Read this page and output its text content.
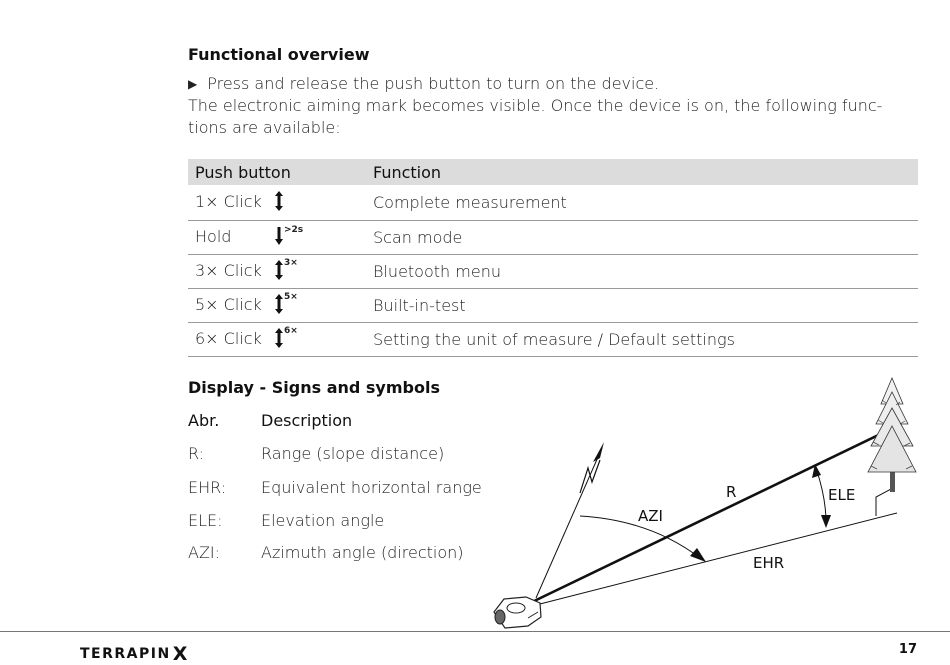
Functional overview
▶ Press and release the push button to turn on the device.
The electronic aiming mark becomes visible. Once the device is on, the following func-
tions are available:
Push button	Function
1× Click	Complete measurement
Hold $^{>2s}$	Scan mode
3× Click $^{3\times}$	Bluetooth menu
5× Click $^{5\times}$	Built-in-test
6× Click $^{6\times}$	Setting the unit of measure / Default settings
Display - Signs and symbols
Abr.	Description
R:	Range (slope distance)
EHR: Equivalent horizontal range
ELE: Elevation angle
AZI:	Azimuth angle (direction)
R	ELE
AZI
EHR
TERRAPIN X	17
